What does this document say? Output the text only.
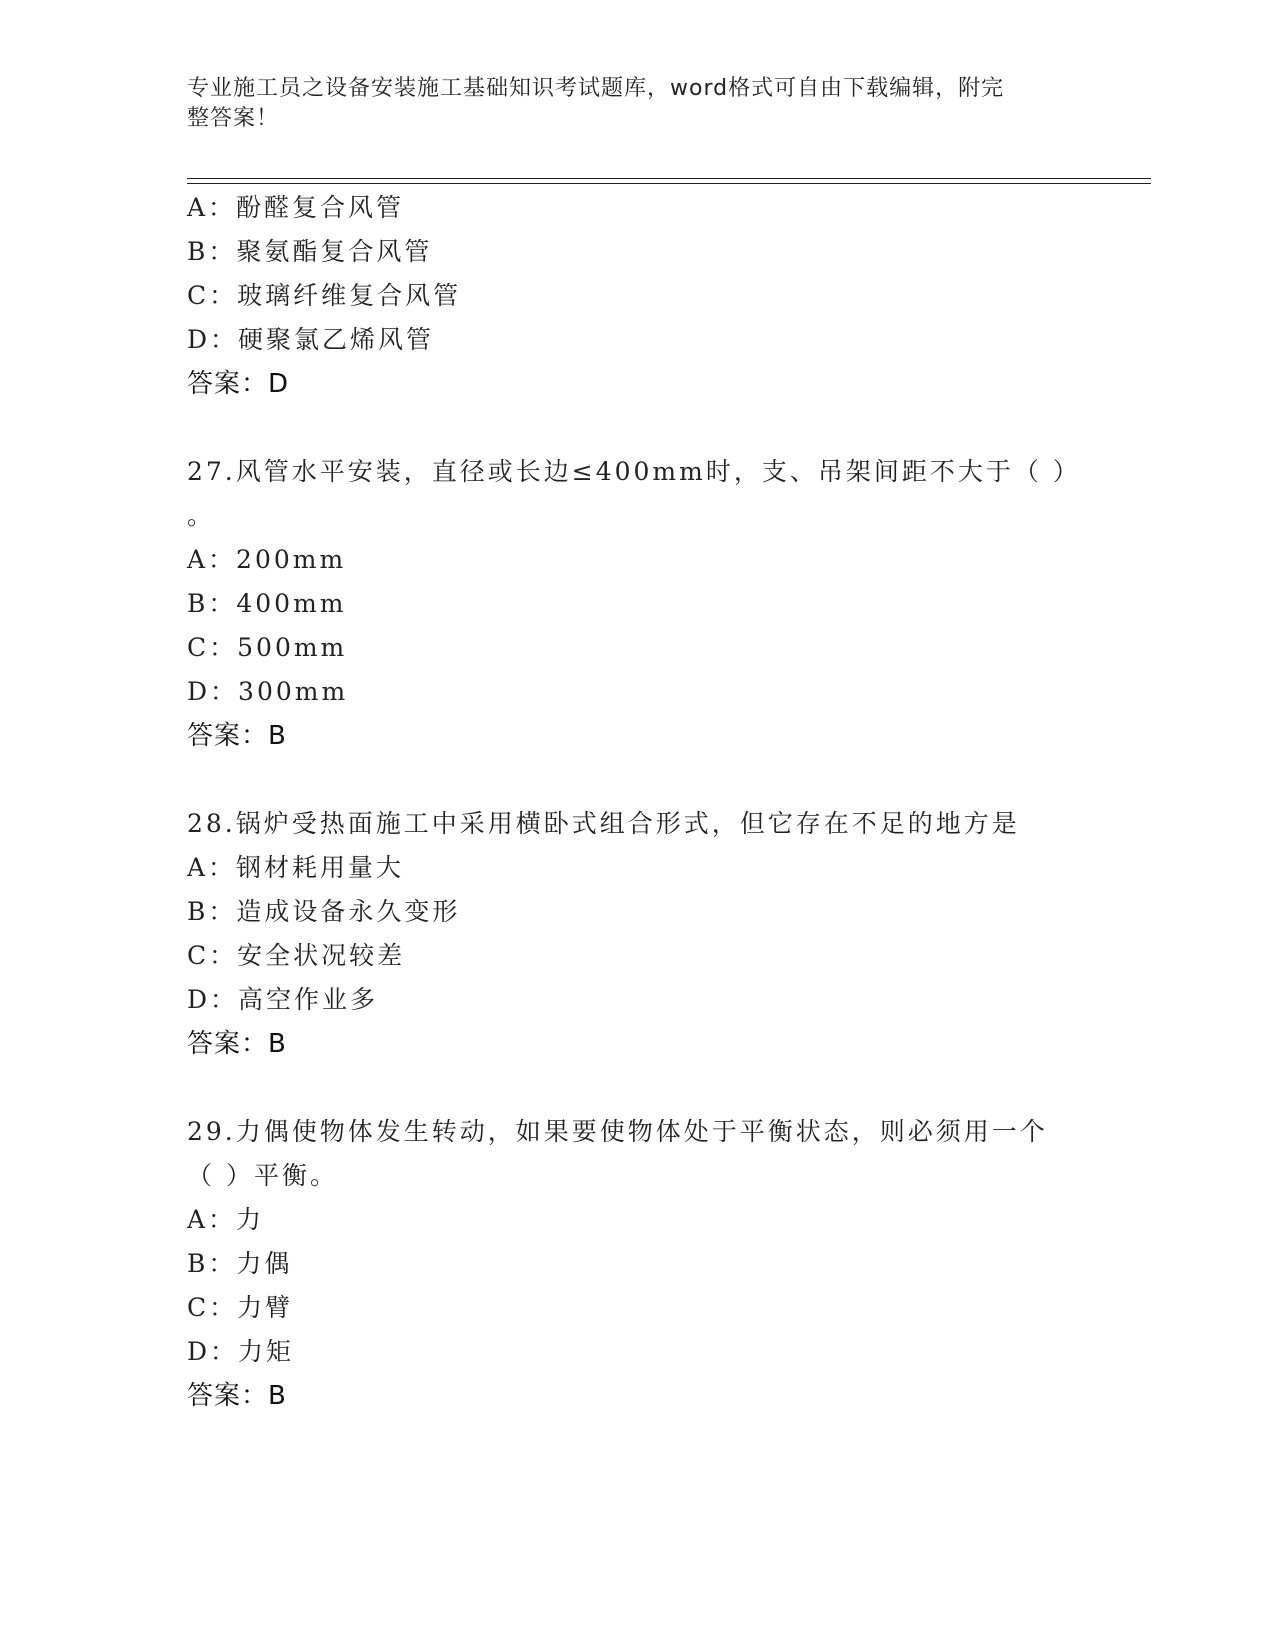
专业施工员之设备安装施工基础知识考试题库，word格式可自由下载编辑，附完
整答案！
A：酚醛复合风管
B：聚氨酯复合风管
C：玻璃纤维复合风管
D：硬聚氯乙烯风管
答案：D
27.风管水平安装，直径或长边≤400mm时，支、吊架间距不大于（ ）
。
A：200mm
B：400mm
C：500mm
D：300mm
答案：B
28.锅炉受热面施工中采用横卧式组合形式，但它存在不足的地方是
A：钢材耗用量大
B：造成设备永久变形
C：安全状况较差
D：高空作业多
答案：B
29.力偶使物体发生转动，如果要使物体处于平衡状态，则必须用一个
（ ）平衡。
A：力
B：力偶
C：力臂
D：力矩
答案：B
